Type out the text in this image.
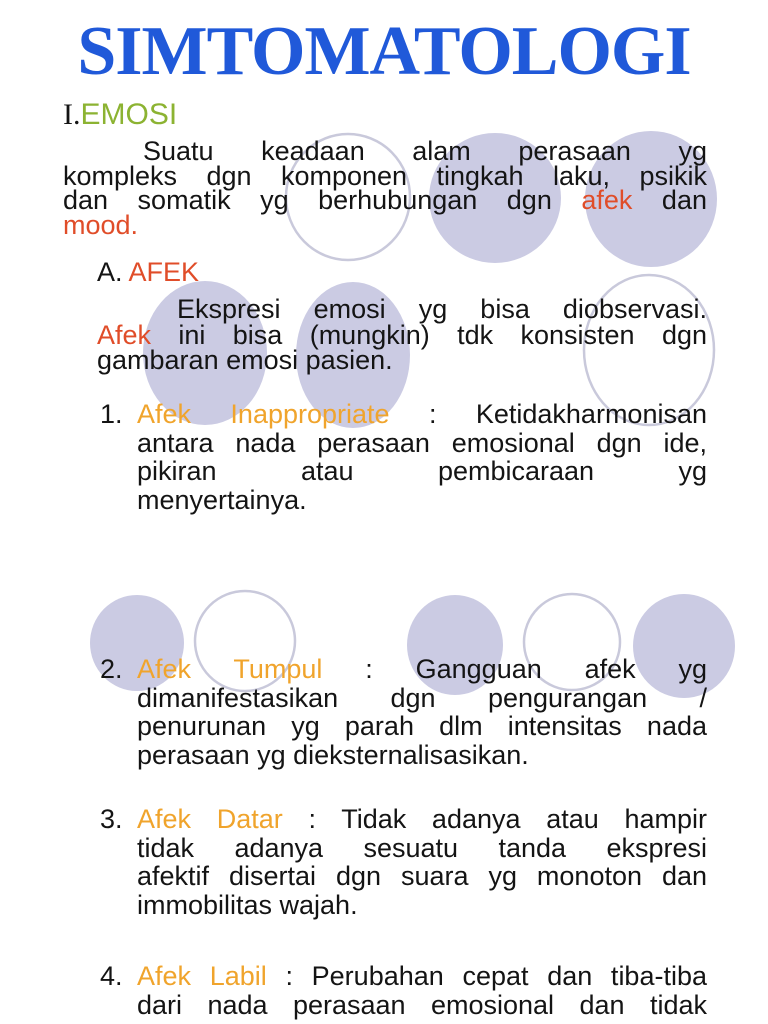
SIMTOMATOLOGI
I.EMOSI
Suatu keadaan alam perasaan yg
kompleks dgn komponen tingkah laku, psikik
dan somatik yg berhubungan dgn afek dan
mood.
A. AFEK
Ekspresi emosi yg bisa diobservasi.
Afek ini bisa (mungkin) tdk konsisten dgn
gambaran emosi pasien.
1. Afek Inappropriate : Ketidakharmonisan
antara nada perasaan emosional dgn ide,
pikiran atau pembicaraan yg
menyertainya.
2. Afek Tumpul : Gangguan afek yg
dimanifestasikan dgn pengurangan /
penurunan yg parah dlm intensitas nada
perasaan yg dieksternalisasikan.
3. Afek Datar : Tidak adanya atau hampir
tidak adanya sesuatu tanda ekspresi
afektif disertai dgn suara yg monoton dan
immobilitas wajah.
4. Afek Labil : Perubahan cepat dan tiba-tiba
dari nada perasaan emosional dan tidak
